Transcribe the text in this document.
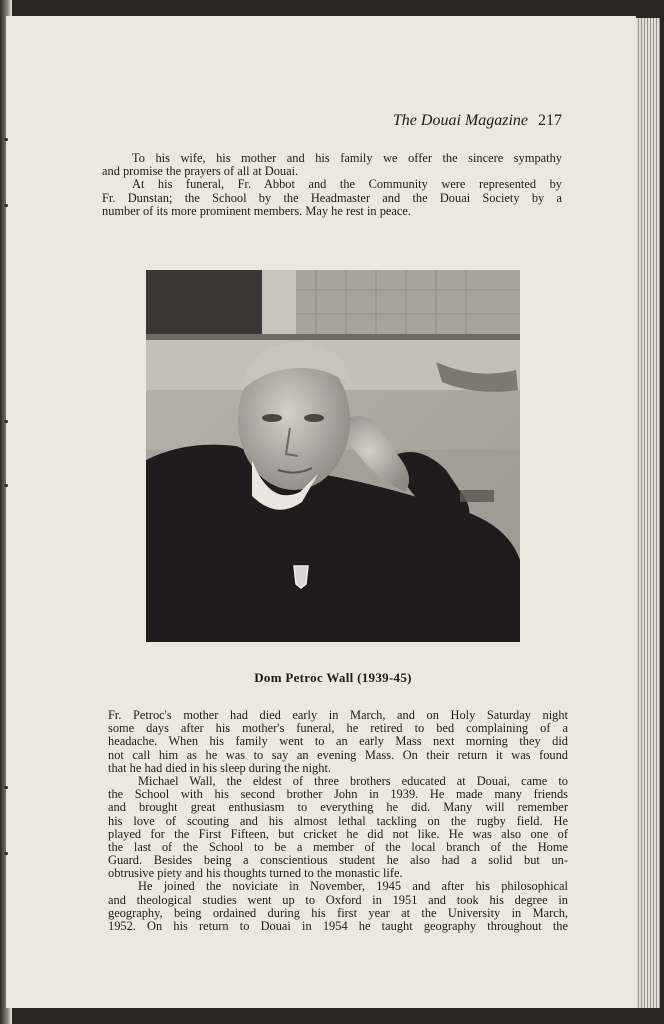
The Douai Magazine 217
To his wife, his mother and his family we offer the sincere sympathy
and promise the prayers of all at Douai.
At his funeral, Fr. Abbot and the Community were represented by
Fr. Dunstan; the School by the Headmaster and the Douai Society by a
number of its more prominent members. May he rest in peace.
Dom Petroc Wall (1939-45)
Fr. Petroc's mother had died early in March, and on Holy Saturday night
some days after his mother's funeral, he retired to bed complaining of a
headache. When his family went to an early Mass next morning they did
not call him as he was to say an evening Mass. On their return it was found
that he had died in his sleep during the night.
Michael Wall, the eldest of three brothers educated at Douai, came to
the School with his second brother John in 1939. He made many friends
and brought great enthusiasm to everything he did. Many will remember
his love of scouting and his almost lethal tackling on the rugby field. He
played for the First Fifteen, but cricket he did not like. He was also one of
the last of the School to be a member of the local branch of the Home
Guard. Besides being a conscientious student he also had a solid but un-
obtrusive piety and his thoughts turned to the monastic life.
He joined the noviciate in November, 1945 and after his philosophical
and theological studies went up to Oxford in 1951 and took his degree in
geography, being ordained during his first year at the University in March,
1952. On his return to Douai in 1954 he taught geography throughout the
